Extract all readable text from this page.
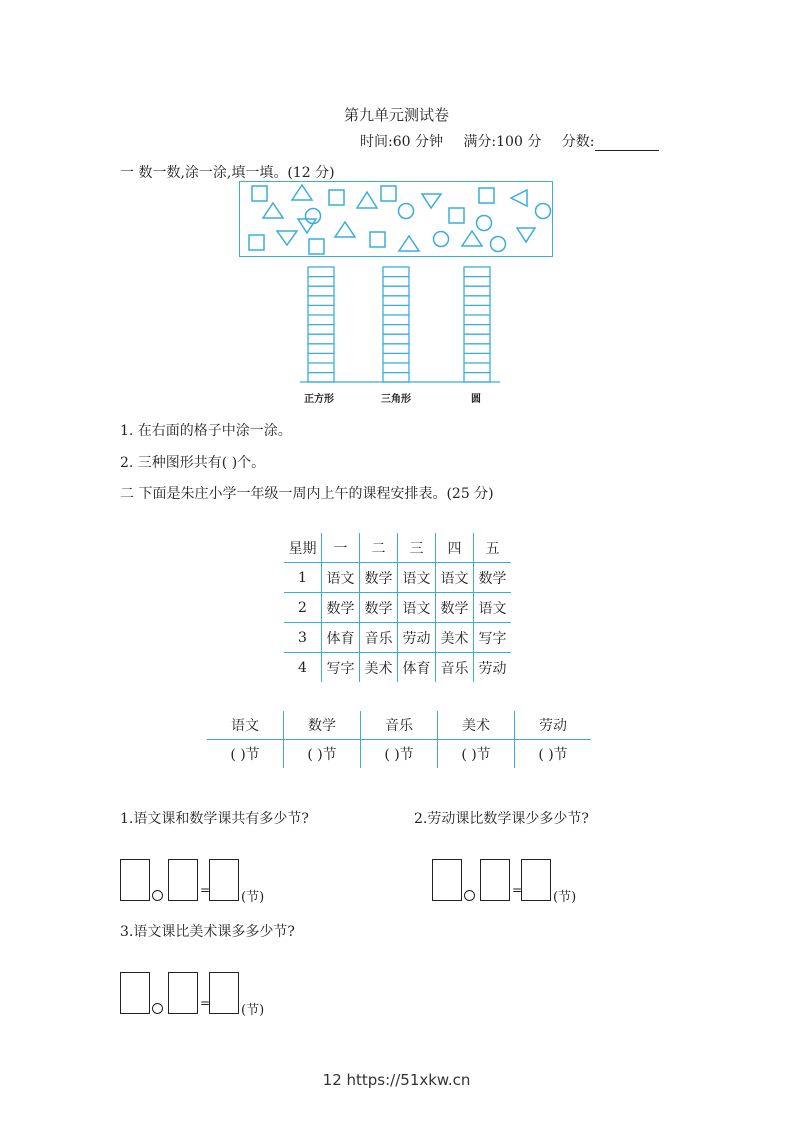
第九单元测试卷
时间:60 分钟 满分:100 分 分数:
一 数一数,涂一涂,填一填。(12 分)
正方形	三角形	圆
1. 在右面的格子中涂一涂。
2. 三种图形共有( )个。
二 下面是朱庄小学一年级一周内上午的课程安排表。(25 分)
星期	一	二	三	四	五
1	语文	数学	语文	语文	数学
2	数学	数学	语文	数学	语文
3	体育	音乐	劳动	美术	写字
4	写字	美术	体育	音乐	劳动
语文	数学	音乐	美术	劳动
( )节	( )节	( )节	( )节	( )节
1.语文课和数学课共有多少节?	2.劳动课比数学课少多少节?
= (节)	= (节)
3.语文课比美术课多多少节?
= (节)
12 https://51xkw.cn
